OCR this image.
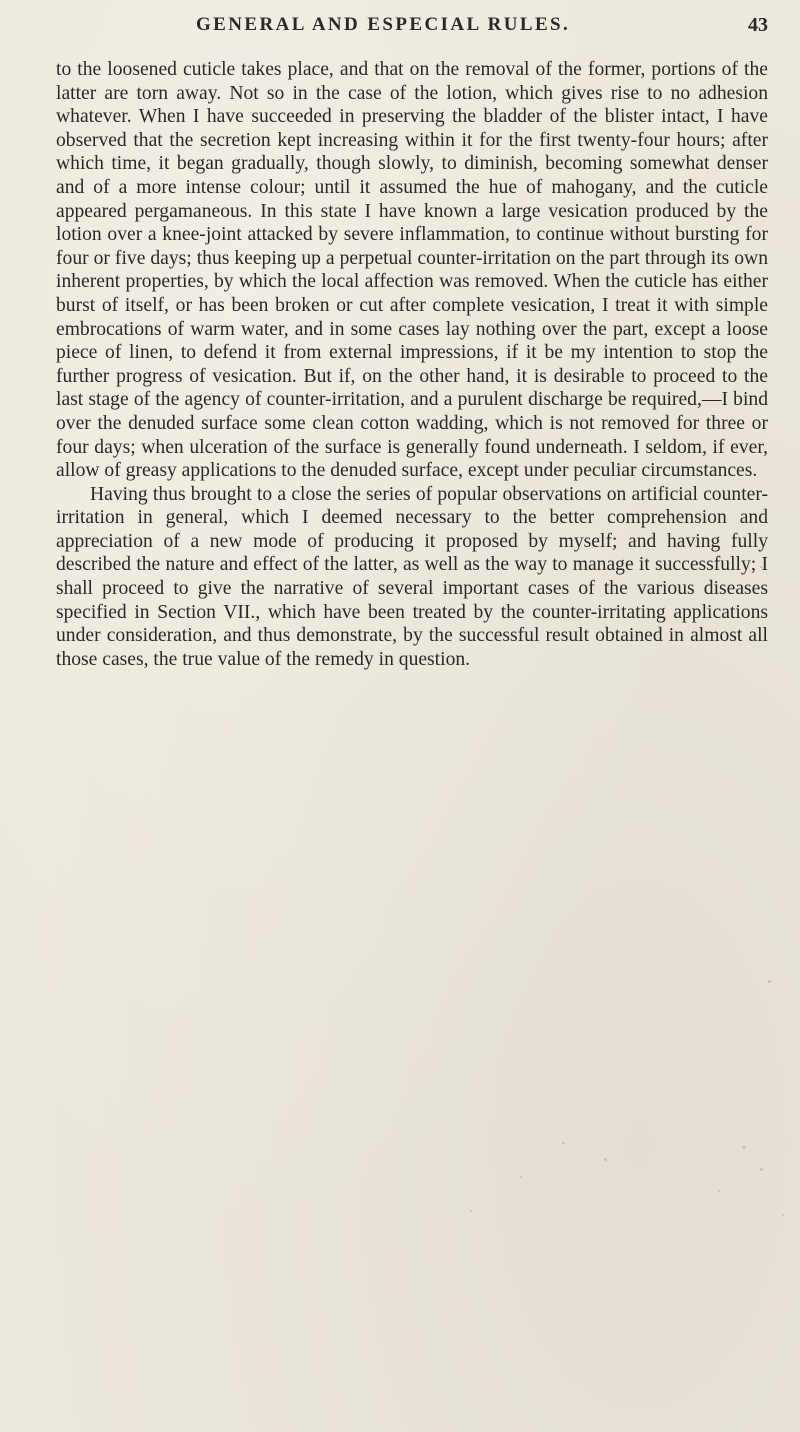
GENERAL AND ESPECIAL RULES.	43

to the loosened cuticle takes place, and that on the removal of the former, portions of the latter are torn away. Not so in the case of the lotion, which gives rise to no adhesion whatever. When I have succeeded in preserving the bladder of the blister intact, I have observed that the secretion kept increasing within it for the first twenty-four hours; after which time, it began gradually, though slowly, to diminish, becoming somewhat denser and of a more intense colour; until it assumed the hue of mahogany, and the cuticle appeared pergamaneous. In this state I have known a large vesication produced by the lotion over a knee-joint attacked by severe inflammation, to continue without bursting for four or five days; thus keeping up a perpetual counter-irritation on the part through its own inherent properties, by which the local affection was removed. When the cuticle has either burst of itself, or has been broken or cut after complete vesication, I treat it with simple embrocations of warm water, and in some cases lay nothing over the part, except a loose piece of linen, to defend it from external impressions, if it be my intention to stop the further progress of vesication. But if, on the other hand, it is desirable to proceed to the last stage of the agency of counter-irritation, and a purulent discharge be required,—I bind over the denuded surface some clean cotton wadding, which is not removed for three or four days; when ulceration of the surface is generally found underneath. I seldom, if ever, allow of greasy applications to the denuded surface, except under peculiar circumstances.

Having thus brought to a close the series of popular observations on artificial counter-irritation in general, which I deemed necessary to the better comprehension and appreciation of a new mode of producing it proposed by myself; and having fully described the nature and effect of the latter, as well as the way to manage it successfully; I shall proceed to give the narrative of several important cases of the various diseases specified in Section VII., which have been treated by the counter-irritating applications under consideration, and thus demonstrate, by the successful result obtained in almost all those cases, the true value of the remedy in question.
